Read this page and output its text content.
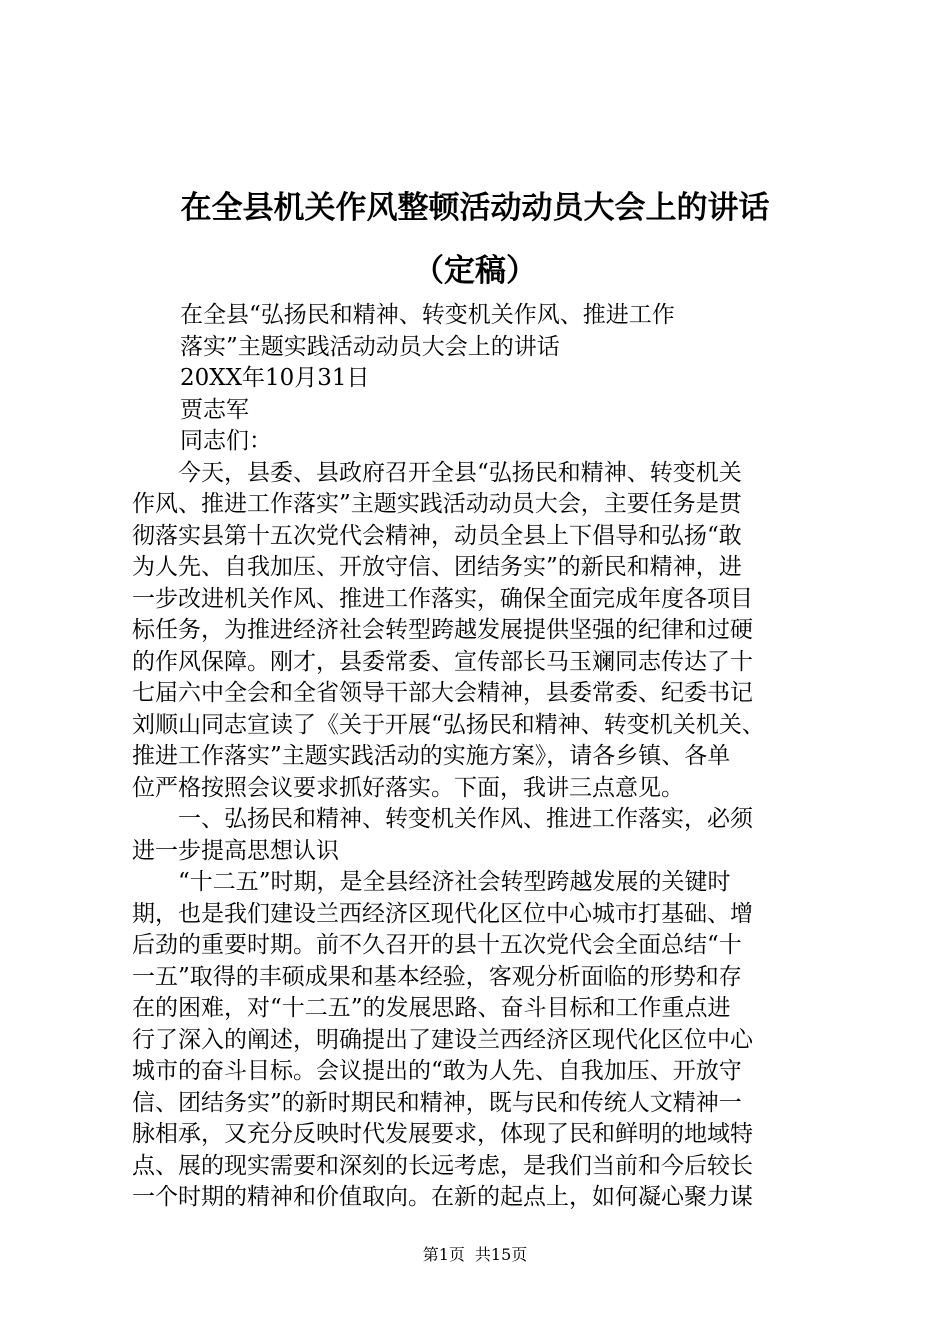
在全县机关作风整顿活动动员大会上的讲话
（定稿）
在全县“弘扬民和精神、转变机关作风、推进工作
落实”主题实践活动动员大会上的讲话
20XX年10月31日
贾志军
同志们：
　　今天，县委、县政府召开全县“弘扬民和精神、转变机关
作风、推进工作落实”主题实践活动动员大会，主要任务是贯
彻落实县第十五次党代会精神，动员全县上下倡导和弘扬“敢
为人先、自我加压、开放守信、团结务实”的新民和精神，进
一步改进机关作风、推进工作落实，确保全面完成年度各项目
标任务，为推进经济社会转型跨越发展提供坚强的纪律和过硬
的作风保障。刚才，县委常委、宣传部长马玉斓同志传达了十
七届六中全会和全省领导干部大会精神，县委常委、纪委书记
刘顺山同志宣读了《关于开展“弘扬民和精神、转变机关机关、
推进工作落实”主题实践活动的实施方案》，请各乡镇、各单
位严格按照会议要求抓好落实。下面，我讲三点意见。
　　一、弘扬民和精神、转变机关作风、推进工作落实，必须
进一步提高思想认识
　　“十二五”时期，是全县经济社会转型跨越发展的关键时
期，也是我们建设兰西经济区现代化区位中心城市打基础、增
后劲的重要时期。前不久召开的县十五次党代会全面总结“十
一五”取得的丰硕成果和基本经验，客观分析面临的形势和存
在的困难，对“十二五”的发展思路、奋斗目标和工作重点进
行了深入的阐述，明确提出了建设兰西经济区现代化区位中心
城市的奋斗目标。会议提出的“敢为人先、自我加压、开放守
信、团结务实”的新时期民和精神，既与民和传统人文精神一
脉相承，又充分反映时代发展要求，体现了民和鲜明的地域特
点、展的现实需要和深刻的长远考虑，是我们当前和今后较长
一个时期的精神和价值取向。在新的起点上，如何凝心聚力谋
第1页 共15页
